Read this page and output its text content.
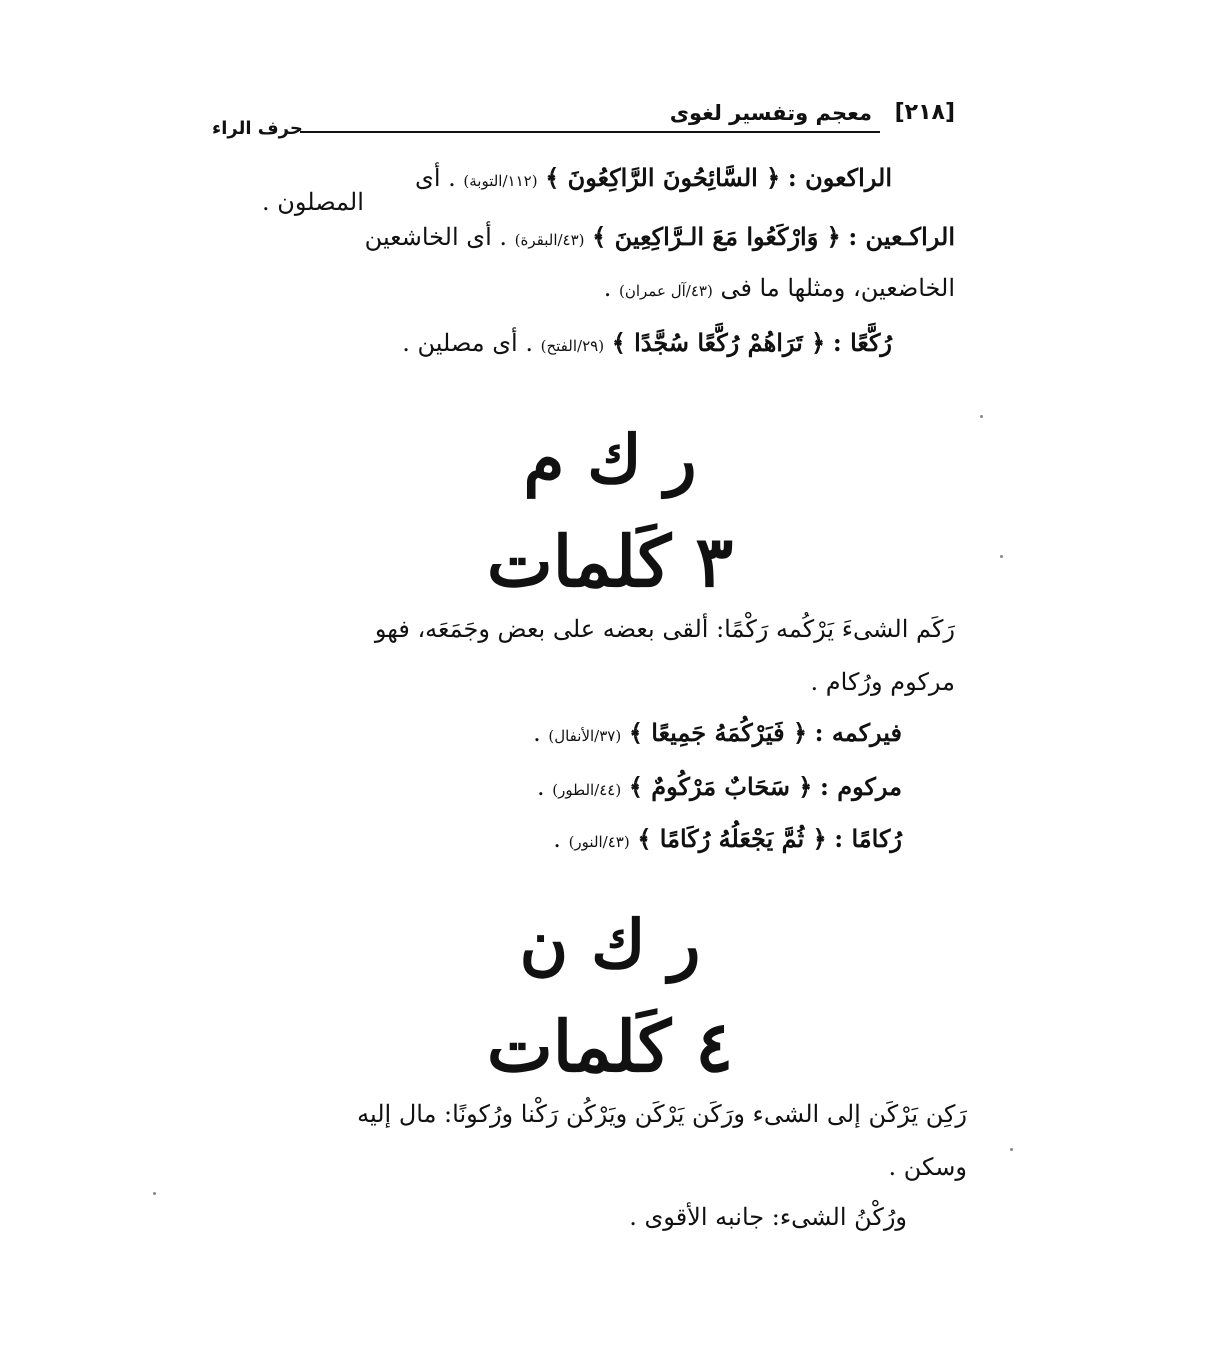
[٢١٨]
معجم وتفسير لغوى
حرف الراء
الراكعون : ﴿ السَّائِحُونَ الرَّاكِعُونَ ﴾ (١١٢/التوبة) . أى
المصلون .
الراكـعين : ﴿ وَارْكَعُوا مَعَ الـرَّاكِعِينَ ﴾ (٤٣/البقرة) . أى الخاشعين
الخاضعين، ومثلها ما فى (٤٣/آل عمران) .
رُكَّعًا : ﴿ تَرَاهُمْ رُكَّعًا سُجَّدًا ﴾ (٢٩/الفتح) . أى مصلين .
ر ك م
٣ كَلمات
رَكَم الشىءَ يَرْكُمه رَكْمًا: ألقى بعضه على بعض وجَمَعَه، فهو
مركوم ورُكام .
فيركمه : ﴿ فَيَرْكُمَهُ جَمِيعًا ﴾ (٣٧/الأنفال) .
مركوم : ﴿ سَحَابٌ مَرْكُومٌ ﴾ (٤٤/الطور) .
رُكامًا : ﴿ ثُمَّ يَجْعَلُهُ رُكَامًا ﴾ (٤٣/النور) .
ر ك ن
٤ كَلمات
رَكِن يَرْكَن إلى الشىء ورَكَن يَرْكَن ويَرْكُن رَكْنا ورُكونًا: مال إليه
وسكن .
ورُكْنُ الشىء: جانبه الأقوى .
